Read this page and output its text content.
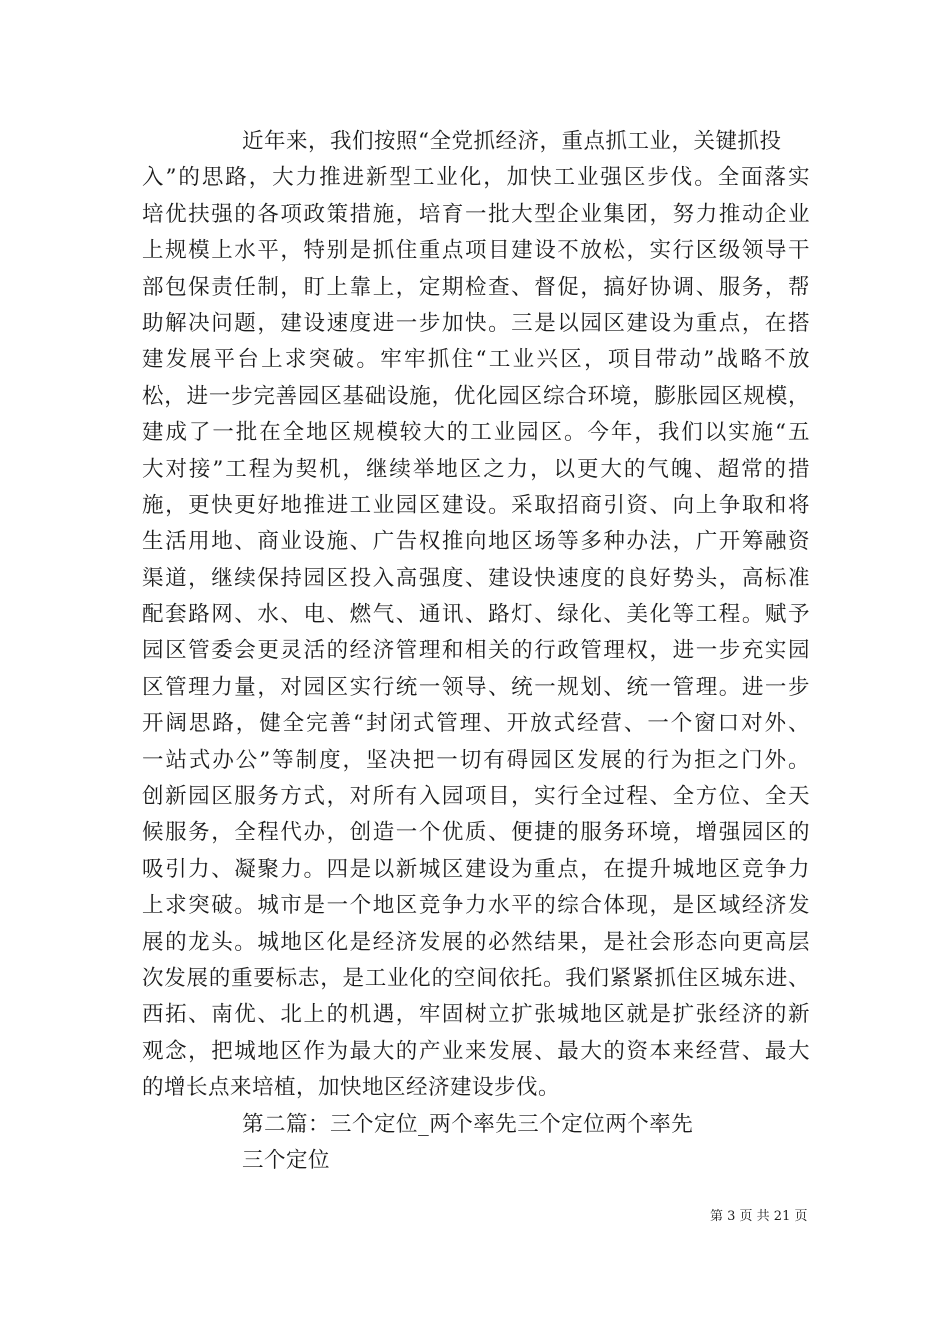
近年来，我们按照“全党抓经济，重点抓工业，关键抓投
入”的思路，大力推进新型工业化，加快工业强区步伐。全面落实
培优扶强的各项政策措施，培育一批大型企业集团，努力推动企业
上规模上水平，特别是抓住重点项目建设不放松，实行区级领导干
部包保责任制，盯上靠上，定期检查、督促，搞好协调、服务，帮
助解决问题，建设速度进一步加快。三是以园区建设为重点，在搭
建发展平台上求突破。牢牢抓住“工业兴区，项目带动”战略不放
松，进一步完善园区基础设施，优化园区综合环境，膨胀园区规模，
建成了一批在全地区规模较大的工业园区。今年，我们以实施“五
大对接”工程为契机，继续举地区之力，以更大的气魄、超常的措
施，更快更好地推进工业园区建设。采取招商引资、向上争取和将
生活用地、商业设施、广告权推向地区场等多种办法，广开筹融资
渠道，继续保持园区投入高强度、建设快速度的良好势头，高标准
配套路网、水、电、燃气、通讯、路灯、绿化、美化等工程。赋予
园区管委会更灵活的经济管理和相关的行政管理权，进一步充实园
区管理力量，对园区实行统一领导、统一规划、统一管理。进一步
开阔思路，健全完善“封闭式管理、开放式经营、一个窗口对外、
一站式办公”等制度，坚决把一切有碍园区发展的行为拒之门外。
创新园区服务方式，对所有入园项目，实行全过程、全方位、全天
候服务，全程代办，创造一个优质、便捷的服务环境，增强园区的
吸引力、凝聚力。四是以新城区建设为重点，在提升城地区竞争力
上求突破。城市是一个地区竞争力水平的综合体现，是区域经济发
展的龙头。城地区化是经济发展的必然结果，是社会形态向更高层
次发展的重要标志，是工业化的空间依托。我们紧紧抓住区城东进、
西拓、南优、北上的机遇，牢固树立扩张城地区就是扩张经济的新
观念，把城地区作为最大的产业来发展、最大的资本来经营、最大
的增长点来培植，加快地区经济建设步伐。
第二篇：三个定位_两个率先三个定位两个率先
三个定位
第 3 页 共 21 页
